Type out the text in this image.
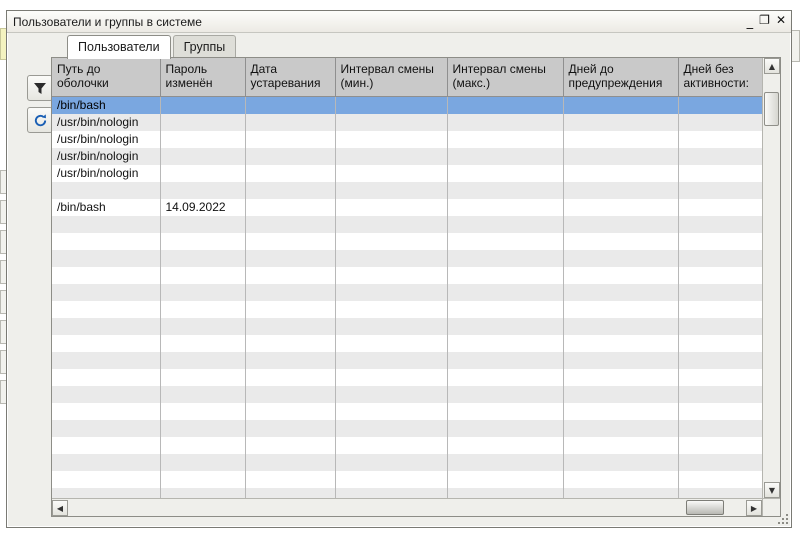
Пользователи и группы в системе	_ ❐ ✕
Пользователи	Группы
Путь до оболочки	Пароль изменён	Дата устаревания	Интервал смены (мин.)	Интервал смены (макс.)	Дней до предупреждения	Дней без активности:
/bin/bash						
/usr/bin/nologin						
/usr/bin/nologin						
/usr/bin/nologin						
/usr/bin/nologin						

/bin/bash	14.09.2022					

▲
▼
◀	▶
